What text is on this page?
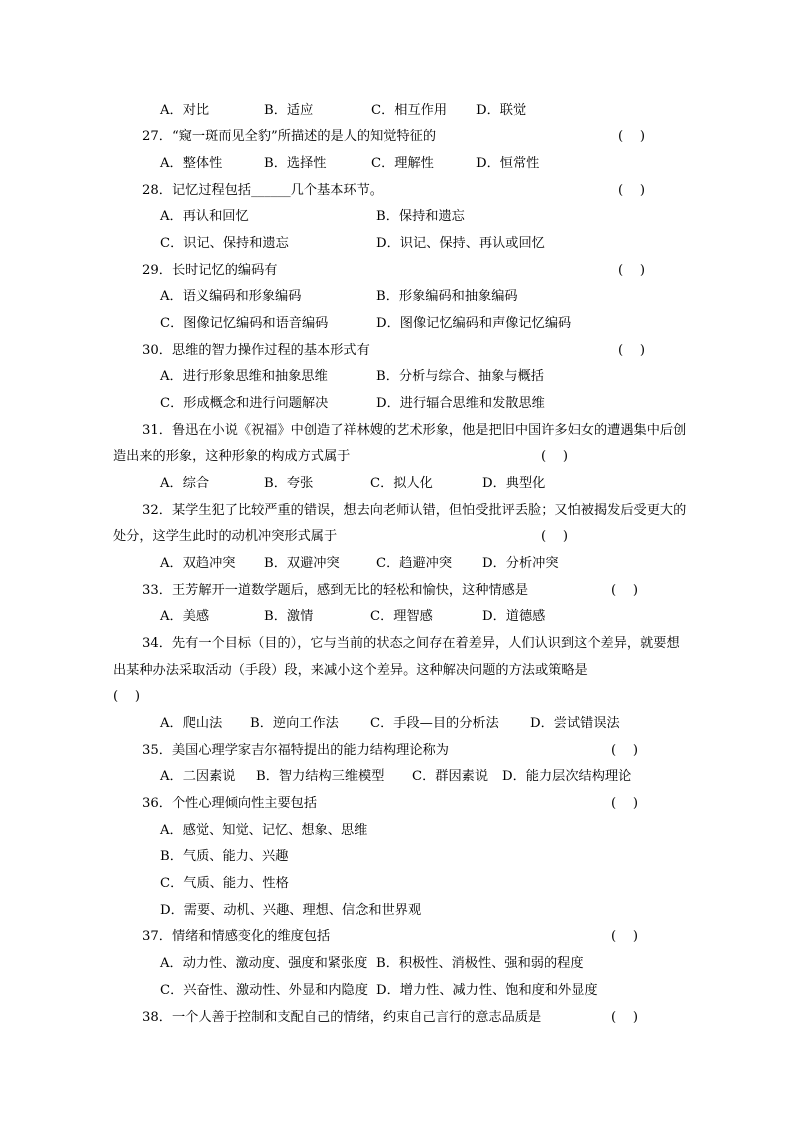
A．对比	B．适应	C．相互作用 D．联觉
27．“窥一斑而见全豹”所描述的是人的知觉特征的	(    )
A．整体性	B．选择性	C．理解性	D．恒常性
28．记忆过程包括______几个基本环节。	(    )
A．再认和回忆	B．保持和遗忘
C．识记、保持和遗忘	D．识记、保持、再认或回忆
29．长时记忆的编码有	(    )
A．语义编码和形象编码	B．形象编码和抽象编码
C．图像记忆编码和语音编码	D．图像记忆编码和声像记忆编码
30．思维的智力操作过程的基本形式有	(    )
A．进行形象思维和抽象思维	B．分析与综合、抽象与概括
C．形成概念和进行问题解决	D．进行辐合思维和发散思维
31．鲁迅在小说《祝福》中创造了祥林嫂的艺术形象，他是把旧中国许多妇女的遭遇集中后创
造出来的形象，这种形象的构成方式属于	(    )
A．综合	B．夸张	C．拟人化	D．典型化
32．某学生犯了比较严重的错误，想去向老师认错，但怕受批评丢脸；又怕被揭发后受更大的
处分，这学生此时的动机冲突形式属于	(    )
A．双趋冲突 B．双避冲突	C．趋避冲突 D．分析冲突
33．王芳解开一道数学题后，感到无比的轻松和愉快，这种情感是	(    )
A．美感	B．激情	C．理智感	D．道德感
34．先有一个目标（目的），它与当前的状态之间存在着差异，人们认识到这个差异，就要想
出某种办法采取活动（手段）段，来减小这个差异。这种解决问题的方法或策略是
(    )
A．爬山法 B．逆向工作法 C．手段—目的分析法 D．尝试错误法
35．美国心理学家吉尔福特提出的能力结构理论称为	(    )
A．二因素说 B．智力结构三维模型 C．群因素说 D．能力层次结构理论
36．个性心理倾向性主要包括	(    )
A．感觉、知觉、记忆、想象、思维
B．气质、能力、兴趣
C．气质、能力、性格
D．需要、动机、兴趣、理想、信念和世界观
37．情绪和情感变化的维度包括	(    )
A．动力性、激动度、强度和紧张度 B．积极性、消极性、强和弱的程度
C．兴奋性、激动性、外显和内隐度 D．增力性、减力性、饱和度和外显度
38．一个人善于控制和支配自己的情绪，约束自己言行的意志品质是	(    )
